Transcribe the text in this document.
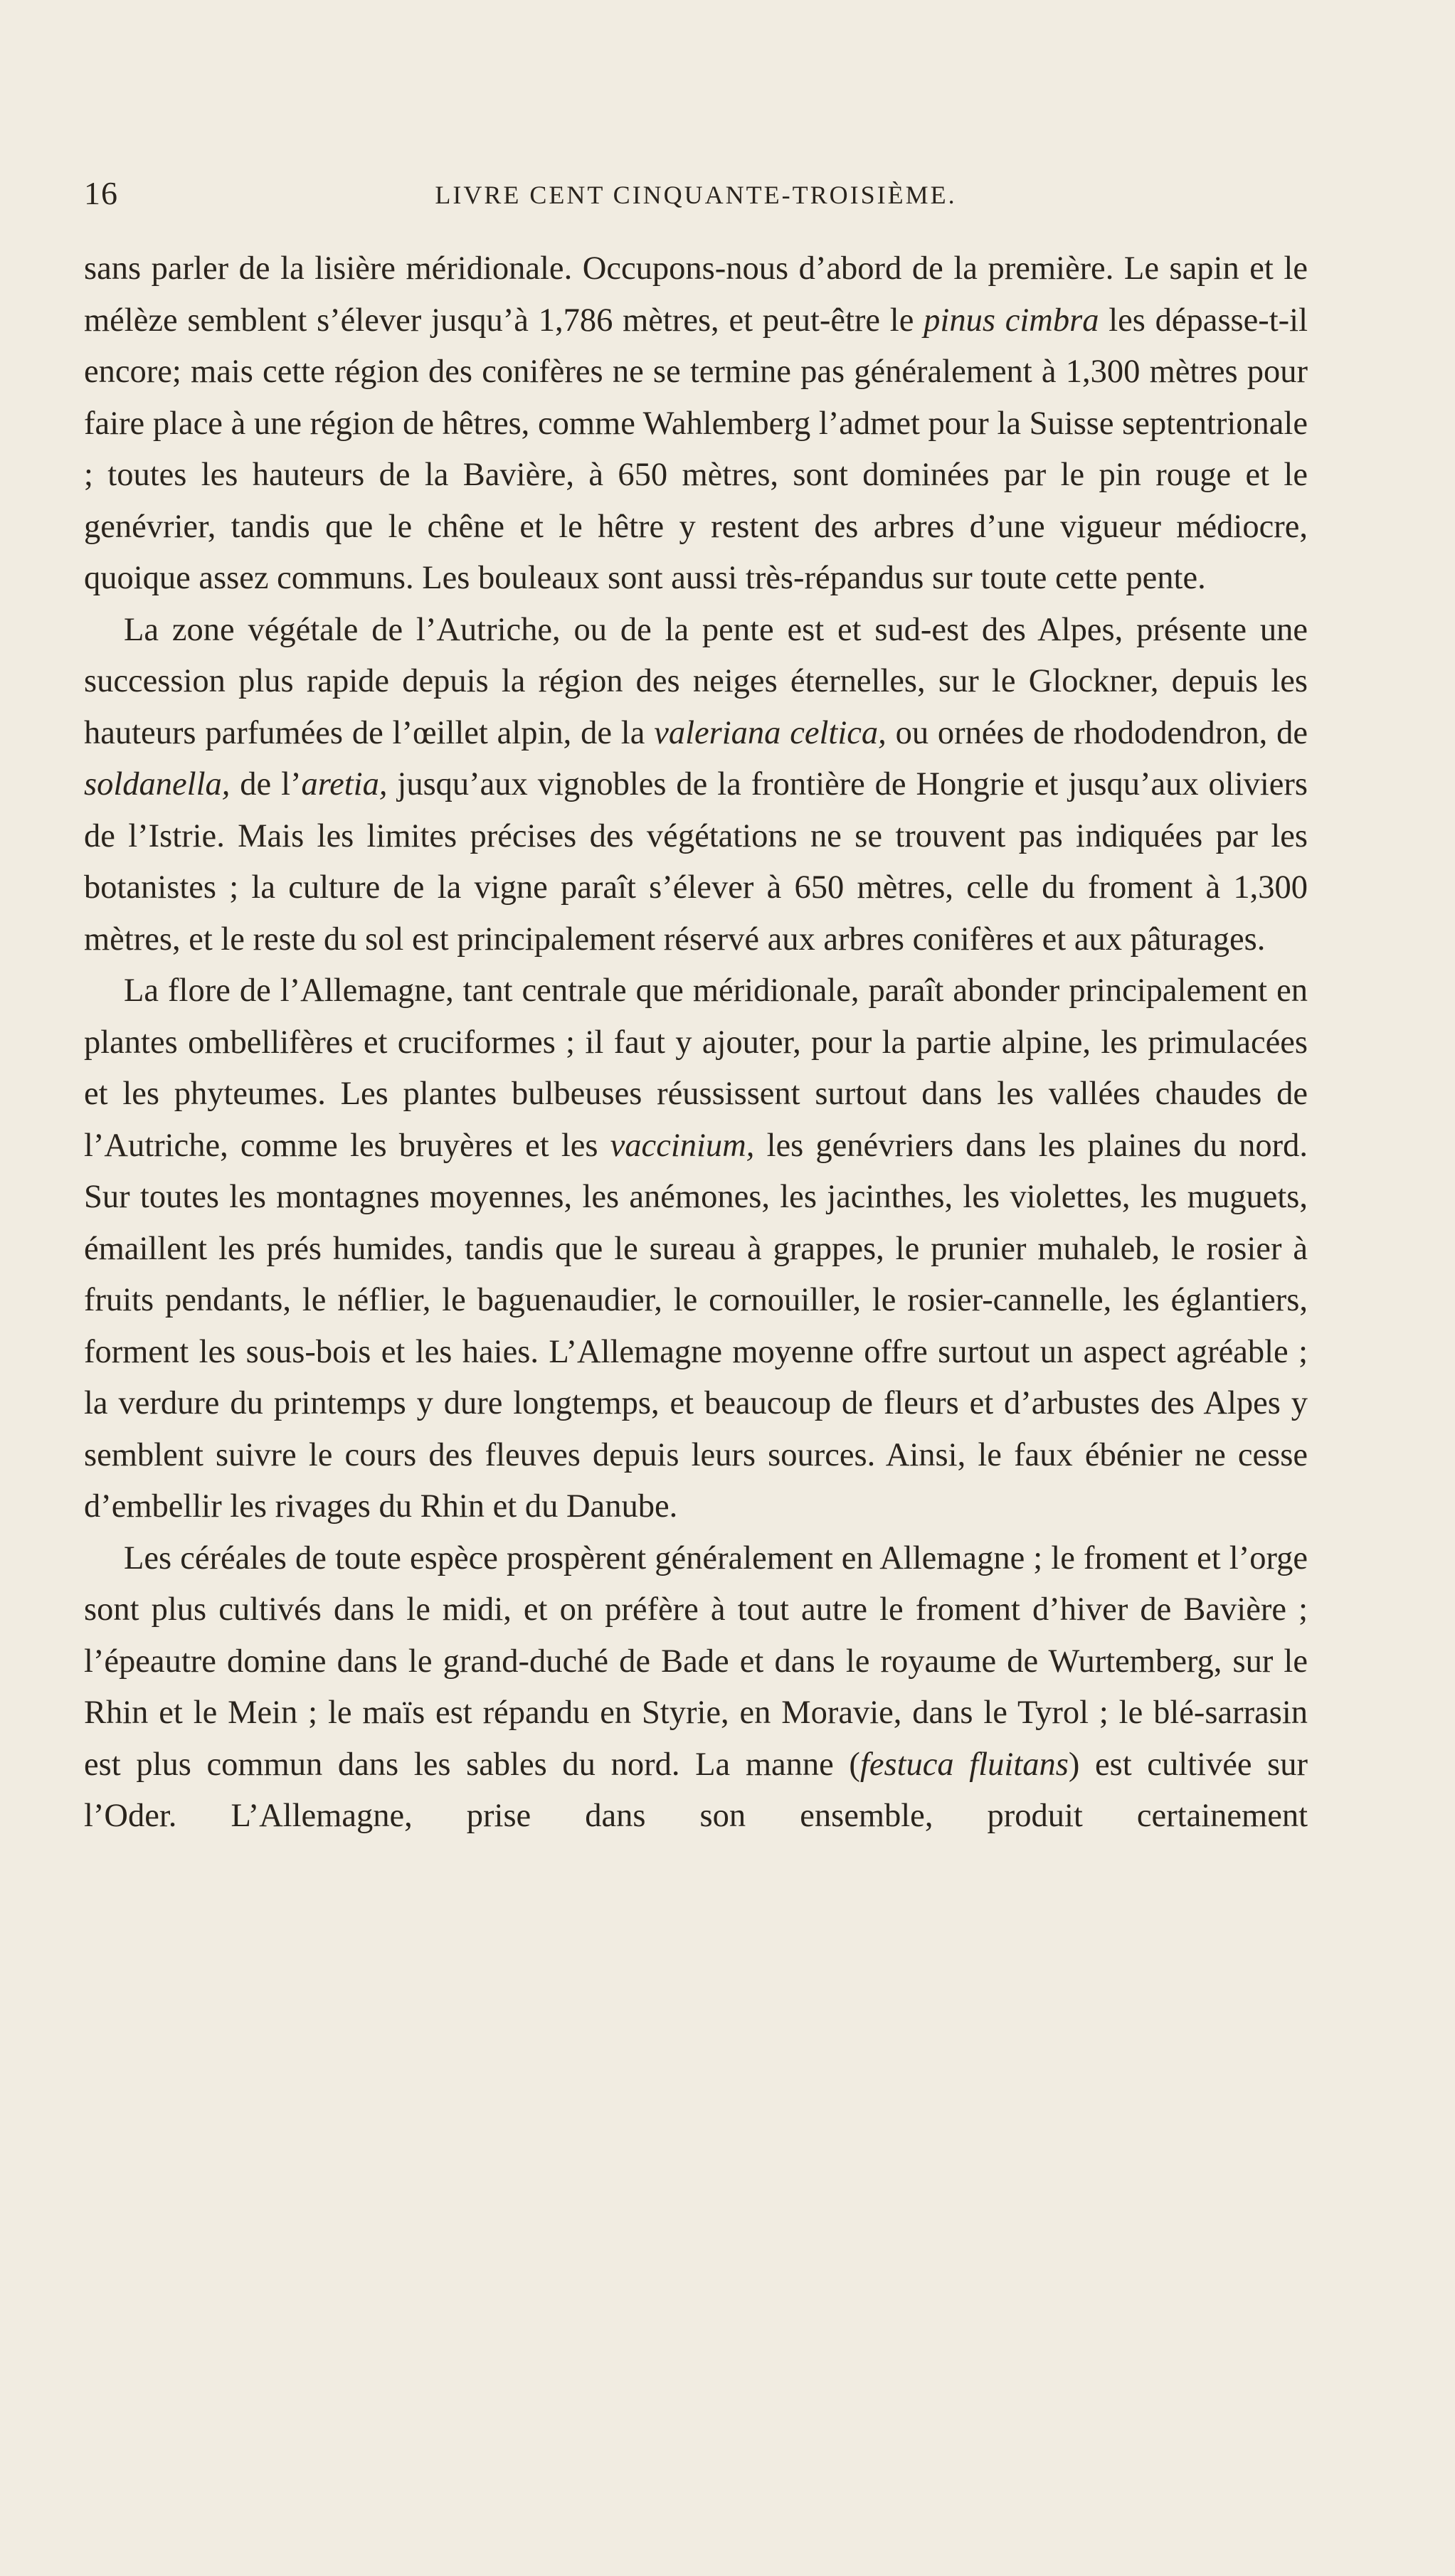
16	LIVRE CENT CINQUANTE-TROISIÈME.

sans parler de la lisière méridionale. Occupons-nous d’abord de la première. Le sapin et le mélèze semblent s’élever jusqu’à 1,786 mètres, et peut-être le pinus cimbra les dépasse-t-il encore; mais cette région des conifères ne se termine pas généralement à 1,300 mètres pour faire place à une région de hêtres, comme Wahlemberg l’admet pour la Suisse septentrionale ; toutes les hauteurs de la Bavière, à 650 mètres, sont dominées par le pin rouge et le genévrier, tandis que le chêne et le hêtre y restent des arbres d’une vigueur médiocre, quoique assez communs. Les bouleaux sont aussi très-répandus sur toute cette pente.

La zone végétale de l’Autriche, ou de la pente est et sud-est des Alpes, présente une succession plus rapide depuis la région des neiges éternelles, sur le Glockner, depuis les hauteurs parfumées de l’œillet alpin, de la valeriana celtica, ou ornées de rhododendron, de soldanella, de l’aretia, jusqu’aux vignobles de la frontière de Hongrie et jusqu’aux oliviers de l’Istrie. Mais les limites précises des végétations ne se trouvent pas indiquées par les botanistes ; la culture de la vigne paraît s’élever à 650 mètres, celle du froment à 1,300 mètres, et le reste du sol est principalement réservé aux arbres conifères et aux pâturages.

La flore de l’Allemagne, tant centrale que méridionale, paraît abonder principalement en plantes ombellifères et cruciformes ; il faut y ajouter, pour la partie alpine, les primulacées et les phyteumes. Les plantes bulbeuses réussissent surtout dans les vallées chaudes de l’Autriche, comme les bruyères et les vaccinium, les genévriers dans les plaines du nord. Sur toutes les montagnes moyennes, les anémones, les jacinthes, les violettes, les muguets, émaillent les prés humides, tandis que le sureau à grappes, le prunier muhaleb, le rosier à fruits pendants, le néflier, le baguenaudier, le cornouiller, le rosier-cannelle, les églantiers, forment les sous-bois et les haies. L’Allemagne moyenne offre surtout un aspect agréable ; la verdure du printemps y dure longtemps, et beaucoup de fleurs et d’arbustes des Alpes y semblent suivre le cours des fleuves depuis leurs sources. Ainsi, le faux ébénier ne cesse d’embellir les rivages du Rhin et du Danube.

Les céréales de toute espèce prospèrent généralement en Allemagne ; le froment et l’orge sont plus cultivés dans le midi, et on préfère à tout autre le froment d’hiver de Bavière ; l’épeautre domine dans le grand-duché de Bade et dans le royaume de Wurtemberg, sur le Rhin et le Mein ; le maïs est répandu en Styrie, en Moravie, dans le Tyrol ; le blé-sarrasin est plus commun dans les sables du nord. La manne (festuca fluitans) est cultivée sur l’Oder. L’Allemagne, prise dans son ensemble, produit certainement
